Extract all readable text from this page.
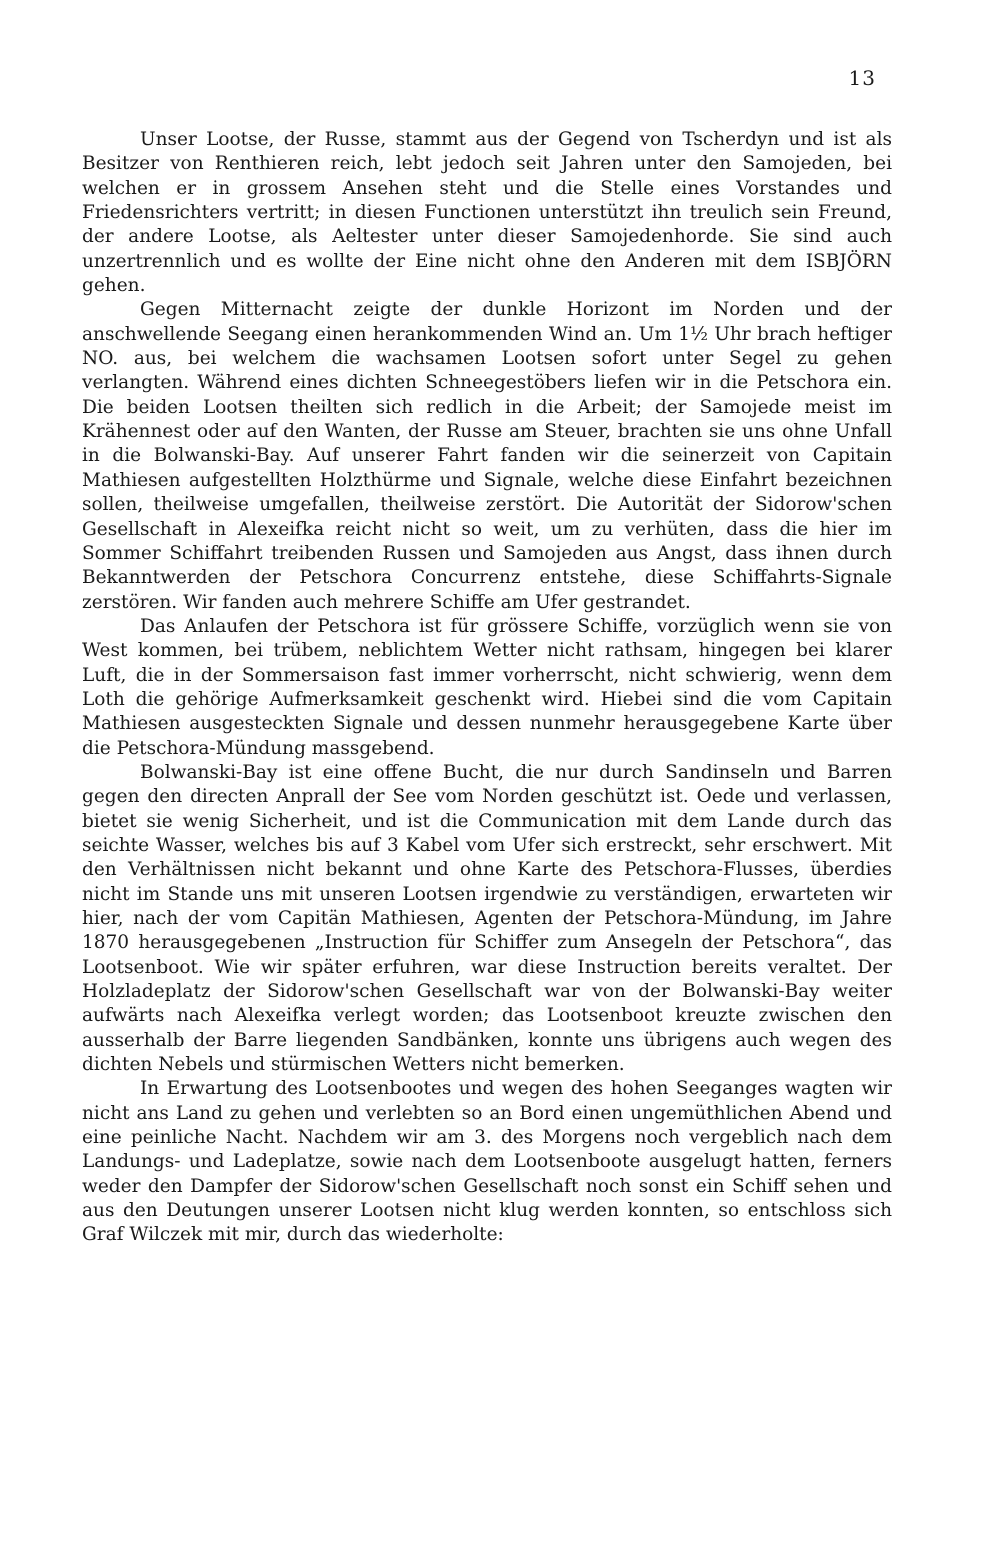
13

Unser Lootse, der Russe, stammt aus der Gegend von Tscherdyn und ist als Besitzer von Renthieren reich, lebt jedoch seit Jahren unter den Samojeden, bei welchen er in grossem Ansehen steht und die Stelle eines Vorstandes und Friedensrichters vertritt; in diesen Functionen unterstützt ihn treulich sein Freund, der andere Lootse, als Aeltester unter dieser Samojedenhorde. Sie sind auch unzertrennlich und es wollte der Eine nicht ohne den Anderen mit dem ISBJÖRN gehen.

Gegen Mitternacht zeigte der dunkle Horizont im Norden und der anschwellende Seegang einen herankommenden Wind an. Um 1½ Uhr brach heftiger NO. aus, bei welchem die wachsamen Lootsen sofort unter Segel zu gehen verlangten. Während eines dichten Schneegestöbers liefen wir in die Petschora ein. Die beiden Lootsen theilten sich redlich in die Arbeit; der Samojede meist im Krähennest oder auf den Wanten, der Russe am Steuer, brachten sie uns ohne Unfall in die Bolwanski-Bay. Auf unserer Fahrt fanden wir die seinerzeit von Capitain Mathiesen aufgestellten Holzthürme und Signale, welche diese Einfahrt bezeichnen sollen, theilweise umgefallen, theilweise zerstört. Die Autorität der Sidorow'schen Gesellschaft in Alexeifka reicht nicht so weit, um zu verhüten, dass die hier im Sommer Schiffahrt treibenden Russen und Samojeden aus Angst, dass ihnen durch Bekanntwerden der Petschora Concurrenz entstehe, diese Schiffahrts-Signale zerstören. Wir fanden auch mehrere Schiffe am Ufer gestrandet.

Das Anlaufen der Petschora ist für grössere Schiffe, vorzüglich wenn sie von West kommen, bei trübem, neblichtem Wetter nicht rathsam, hingegen bei klarer Luft, die in der Sommersaison fast immer vorherrscht, nicht schwierig, wenn dem Loth die gehörige Aufmerksamkeit geschenkt wird. Hiebei sind die vom Capitain Mathiesen ausgesteckten Signale und dessen nunmehr herausgegebene Karte über die Petschora-Mündung massgebend.

Bolwanski-Bay ist eine offene Bucht, die nur durch Sandinseln und Barren gegen den directen Anprall der See vom Norden geschützt ist. Oede und verlassen, bietet sie wenig Sicherheit, und ist die Communication mit dem Lande durch das seichte Wasser, welches bis auf 3 Kabel vom Ufer sich erstreckt, sehr erschwert. Mit den Verhältnissen nicht bekannt und ohne Karte des Petschora-Flusses, überdies nicht im Stande uns mit unseren Lootsen irgendwie zu verständigen, erwarteten wir hier, nach der vom Capitän Mathiesen, Agenten der Petschora-Mündung, im Jahre 1870 herausgegebenen „Instruction für Schiffer zum Ansegeln der Petschora“, das Lootsenboot. Wie wir später erfuhren, war diese Instruction bereits veraltet. Der Holzladeplatz der Sidorow'schen Gesellschaft war von der Bolwanski-Bay weiter aufwärts nach Alexeifka verlegt worden; das Lootsenboot kreuzte zwischen den ausserhalb der Barre liegenden Sandbänken, konnte uns übrigens auch wegen des dichten Nebels und stürmischen Wetters nicht bemerken.

In Erwartung des Lootsenbootes und wegen des hohen Seeganges wagten wir nicht ans Land zu gehen und verlebten so an Bord einen ungemüthlichen Abend und eine peinliche Nacht. Nachdem wir am 3. des Morgens noch vergeblich nach dem Landungs- und Ladeplatze, sowie nach dem Lootsenboote ausgelugt hatten, ferners weder den Dampfer der Sidorow'schen Gesellschaft noch sonst ein Schiff sehen und aus den Deutungen unserer Lootsen nicht klug werden konnten, so entschloss sich Graf Wilczek mit mir, durch das wiederholte:
